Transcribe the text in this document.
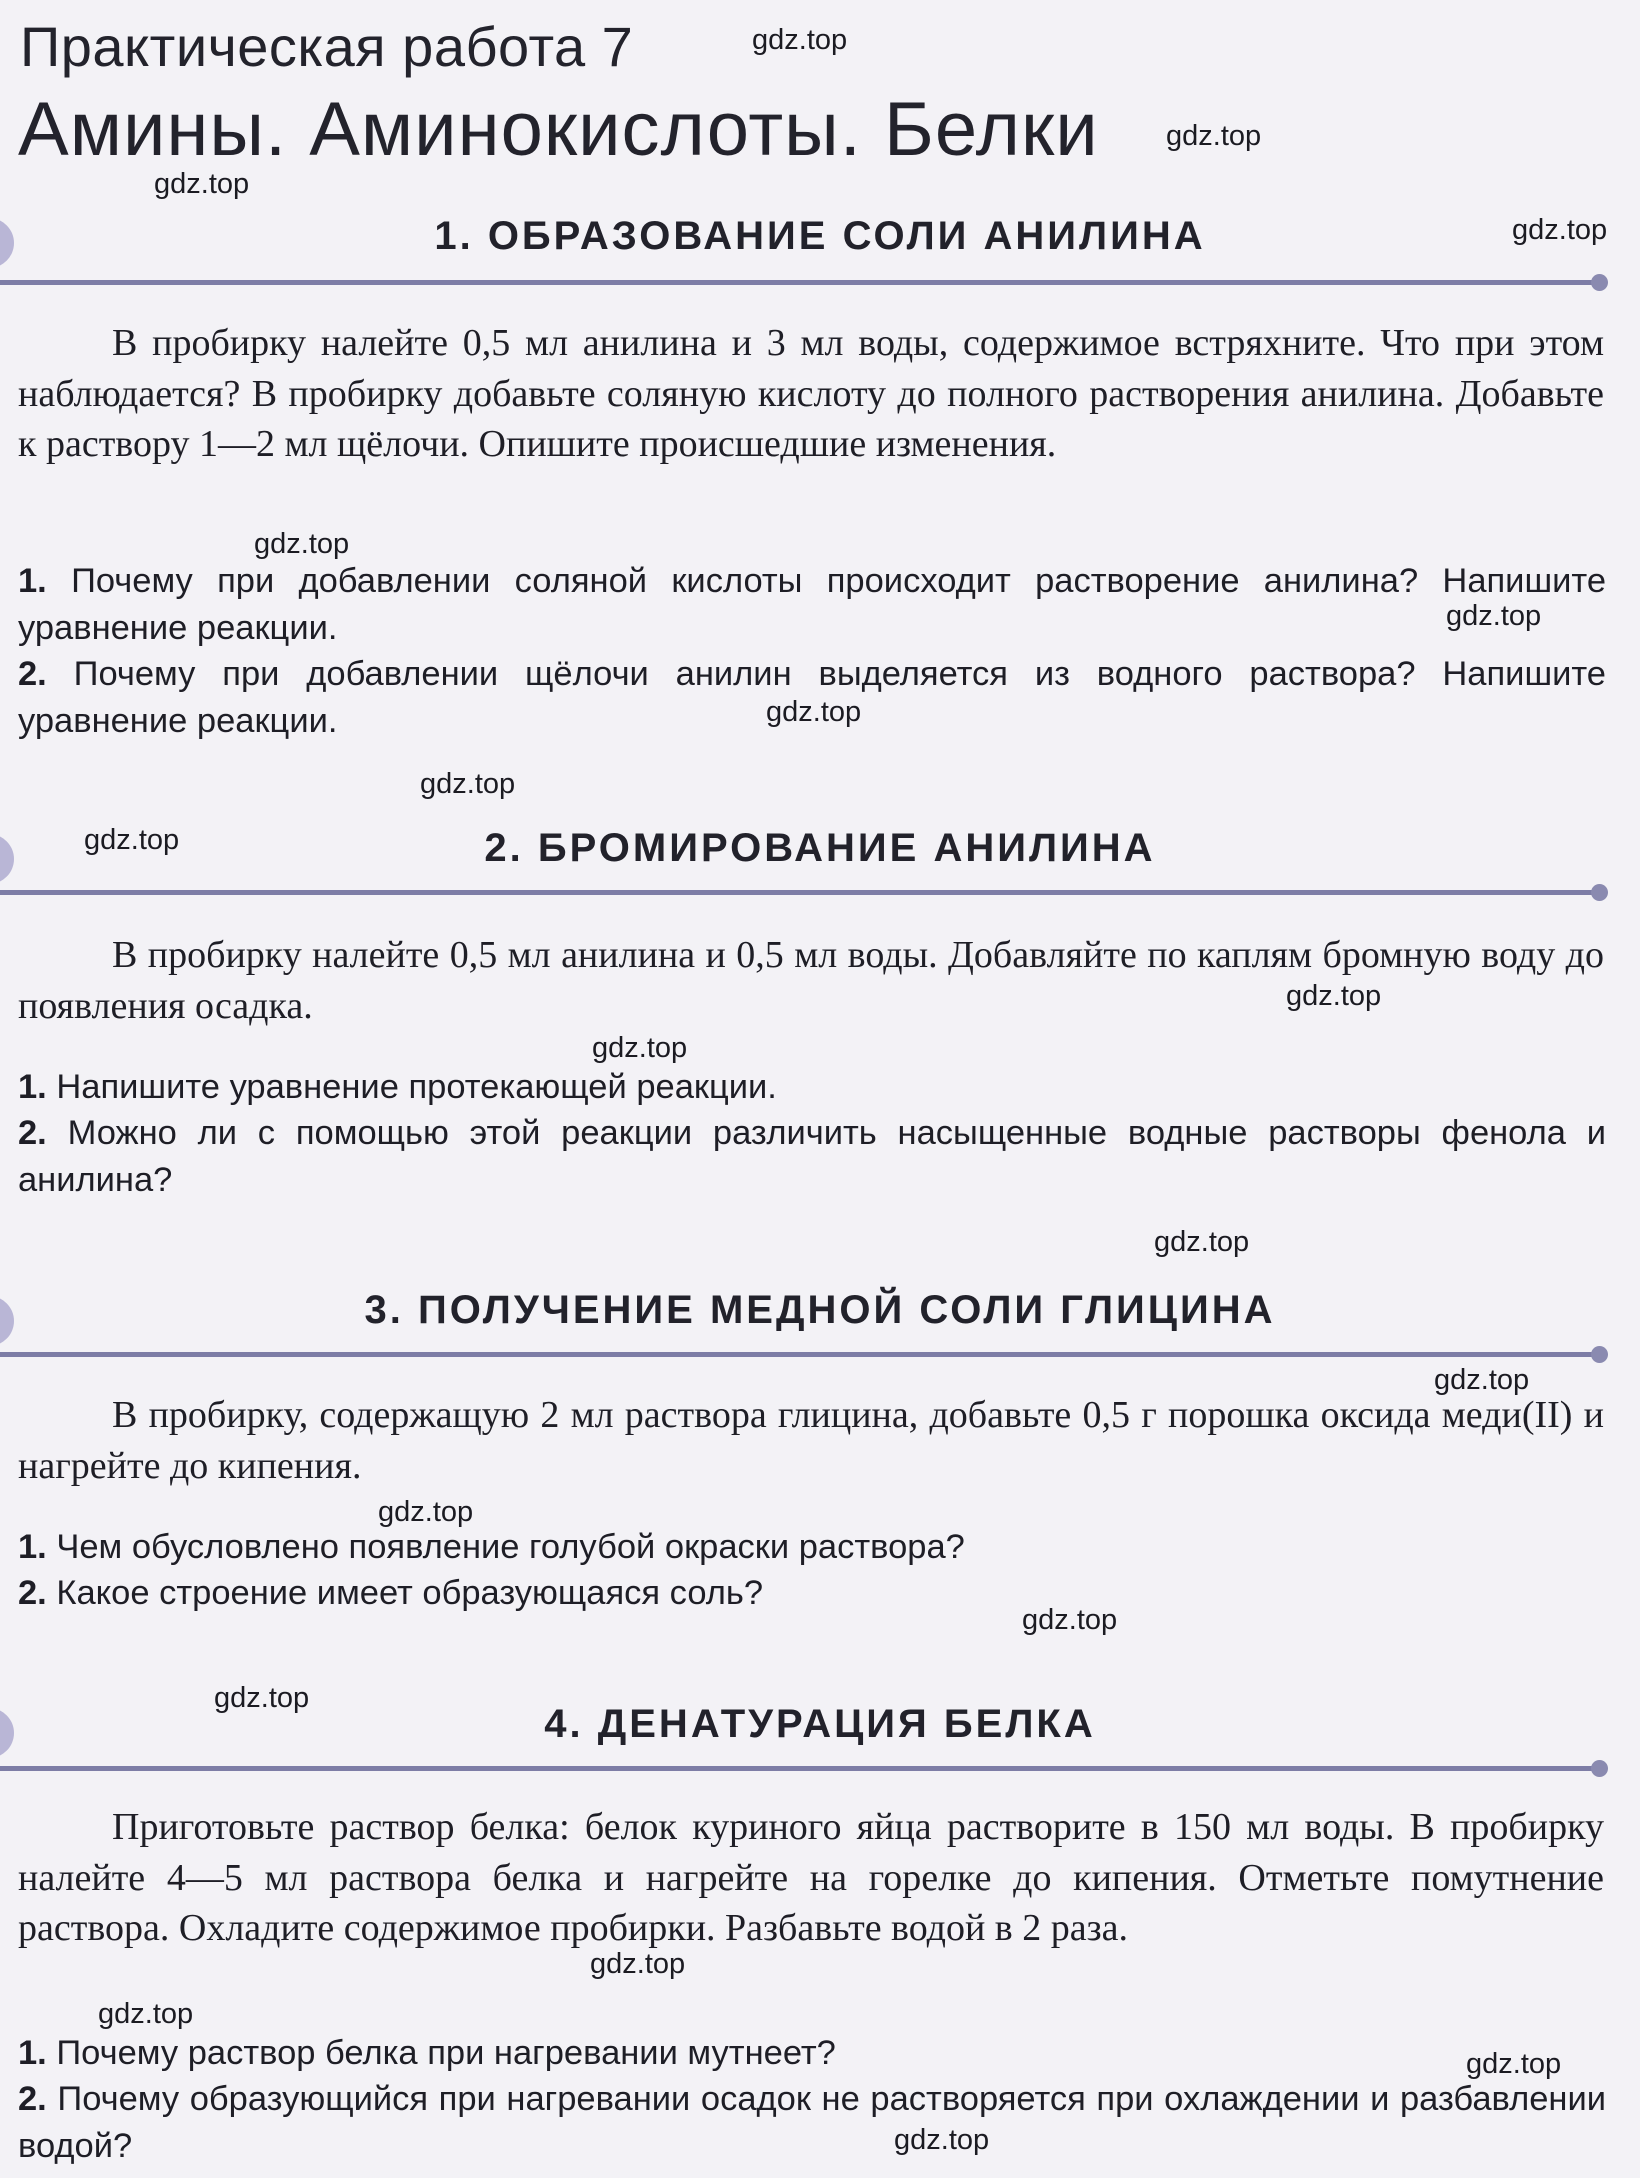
Практическая работа 7
Амины. Аминокислоты. Белки
1. ОБРАЗОВАНИЕ СОЛИ АНИЛИНА

В пробирку налейте 0,5 мл анилина и 3 мл воды, содержимое встряхните. Что при этом наблюдается? В пробирку добавьте соляную кислоту до полного растворения анилина. Добавьте к раствору 1—2 мл щёлочи. Опишите происшедшие изменения.

1. Почему при добавлении соляной кислоты происходит растворение анилина? Напишите уравнение реакции.

2. Почему при добавлении щёлочи анилин выделяется из водного раствора? Напишите уравнение реакции.

2. БРОМИРОВАНИЕ АНИЛИНА

В пробирку налейте 0,5 мл анилина и 0,5 мл воды. Добавляйте по каплям бромную воду до появления осадка.

1. Напишите уравнение протекающей реакции.

2. Можно ли с помощью этой реакции различить насыщенные водные растворы фенола и анилина?

3. ПОЛУЧЕНИЕ МЕДНОЙ СОЛИ ГЛИЦИНА

В пробирку, содержащую 2 мл раствора глицина, добавьте 0,5 г порошка оксида меди(II) и нагрейте до кипения.

1. Чем обусловлено появление голубой окраски раствора?

2. Какое строение имеет образующаяся соль?

4. ДЕНАТУРАЦИЯ БЕЛКА

Приготовьте раствор белка: белок куриного яйца растворите в 150 мл воды. В пробирку налейте 4—5 мл раствора белка и нагрейте на горелке до кипения. Отметьте помутнение раствора. Охладите содержимое пробирки. Разбавьте водой в 2 раза.

1. Почему раствор белка при нагревании мутнеет?

2. Почему образующийся при нагревании осадок не растворяется при охлаждении и разбавлении водой?

gdz.top
gdz.top
gdz.top
gdz.top
gdz.top
gdz.top
gdz.top
gdz.top
gdz.top
gdz.top
gdz.top
gdz.top
gdz.top
gdz.top
gdz.top
gdz.top
gdz.top
gdz.top
gdz.top
gdz.top
